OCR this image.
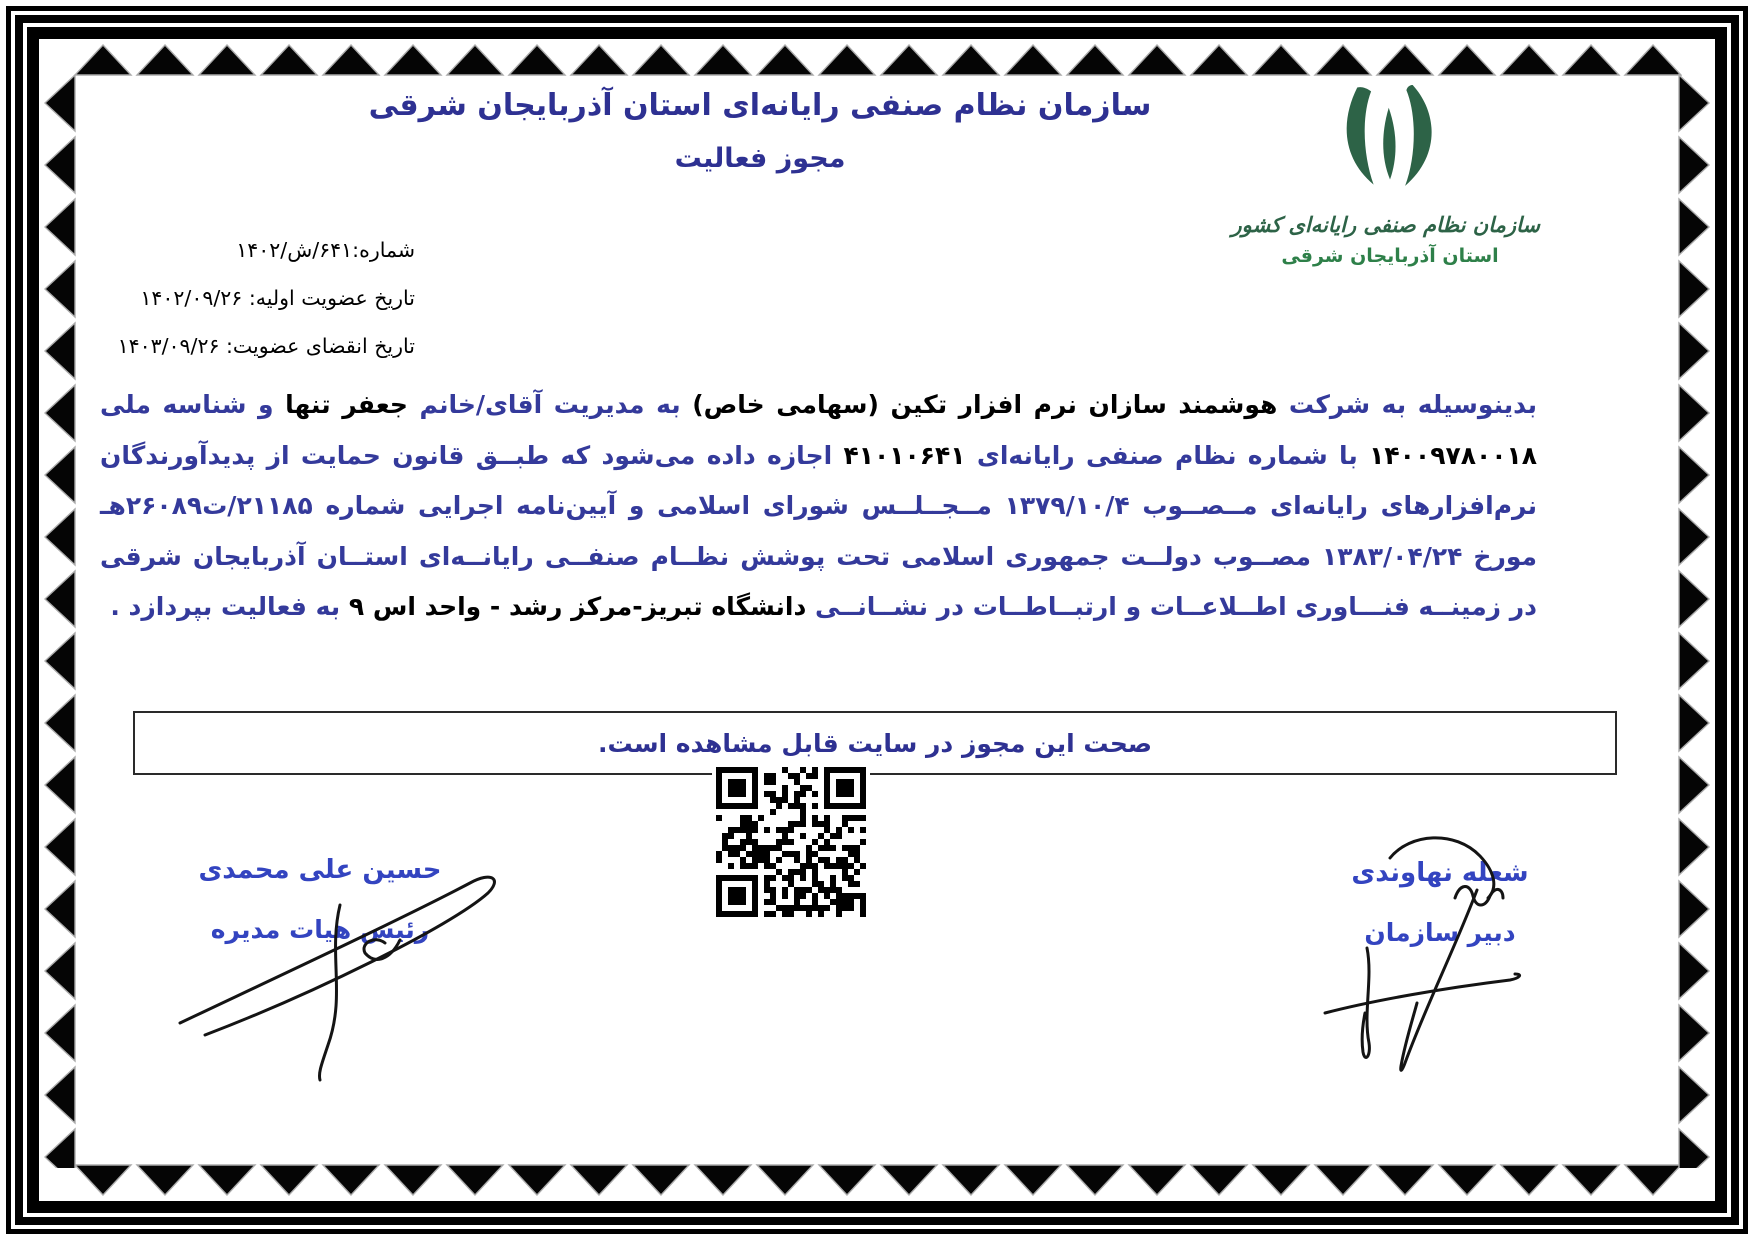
سازمان نظام صنفی رایانه‌ای استان آذربایجان شرقی
مجوز فعالیت
سازمان نظام صنفی رایانه‌ای کشور
استان آذربایجان شرقی
شماره:۶۴۱/ش/۱۴۰۲
تاریخ عضویت اولیه: ۱۴۰۲/۰۹/۲۶
تاریخ انقضای عضویت: ۱۴۰۳/۰۹/۲۶

بدینوسیله به شرکت هوشمند سازان نرم افزار تکین (سهامی خاص) به مدیریت آقای/خانم جعفر تنها و شناسه ملی ۱۴۰۰۹۷۸۰۰۱۸ با شماره نظام صنفی رایانه‌ای ۴۱۰۱۰۶۴۱ اجازه داده می‌شود که طبــق قانون حمایت از پدیدآورندگان نرم‌افزارهای رایانه‌ای مــصــوب ۱۳۷۹/۱۰/۴ مــجــلــس شورای اسلامی و آیین‌نامه اجرایی شماره ۲۱۱۸۵/ت۲۶۰۸۹هـ مورخ ۱۳۸۳/۰۴/۲۴ مصــوب دولــت جمهوری اسلامی تحت پوشش نظــام صنفــی رایانــه‌ای استــان آذربایجان شرقی در زمینــه فنـــاوری اطــلاعــات و ارتبــاطــات در نشــانــی دانشگاه تبریز-مرکز رشد - واحد اس ۹ به فعالیت بپردازد .

صحت این مجوز در سایت قابل مشاهده است.
حسین علی محمدی
رئیس هیات مدیره
شعله نهاوندی
دبیر سازمان
